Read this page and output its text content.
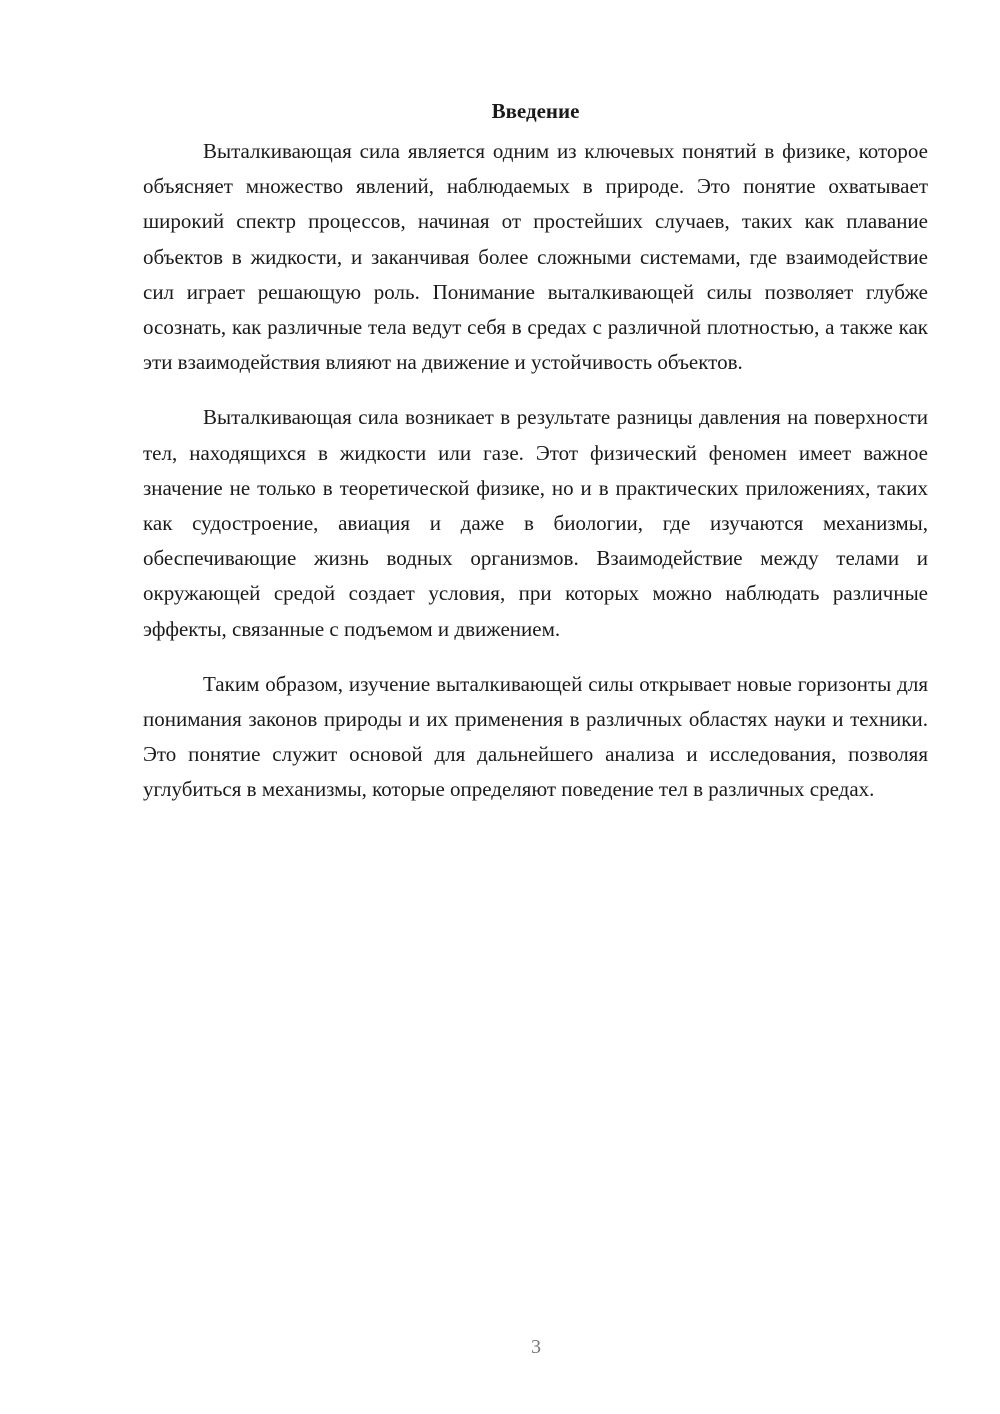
Введение

Выталкивающая сила является одним из ключевых понятий в физике, которое объясняет множество явлений, наблюдаемых в природе. Это понятие охватывает широкий спектр процессов, начиная от простейших случаев, таких как плавание объектов в жидкости, и заканчивая более сложными системами, где взаимодействие сил играет решающую роль. Понимание выталкивающей силы позволяет глубже осознать, как различные тела ведут себя в средах с различной плотностью, а также как эти взаимодействия влияют на движение и устойчивость объектов.

Выталкивающая сила возникает в результате разницы давления на поверхности тел, находящихся в жидкости или газе. Этот физический феномен имеет важное значение не только в теоретической физике, но и в практических приложениях, таких как судостроение, авиация и даже в биологии, где изучаются механизмы, обеспечивающие жизнь водных организмов. Взаимодействие между телами и окружающей средой создает условия, при которых можно наблюдать различные эффекты, связанные с подъемом и движением.

Таким образом, изучение выталкивающей силы открывает новые горизонты для понимания законов природы и их применения в различных областях науки и техники. Это понятие служит основой для дальнейшего анализа и исследования, позволяя углубиться в механизмы, которые определяют поведение тел в различных средах.

3
